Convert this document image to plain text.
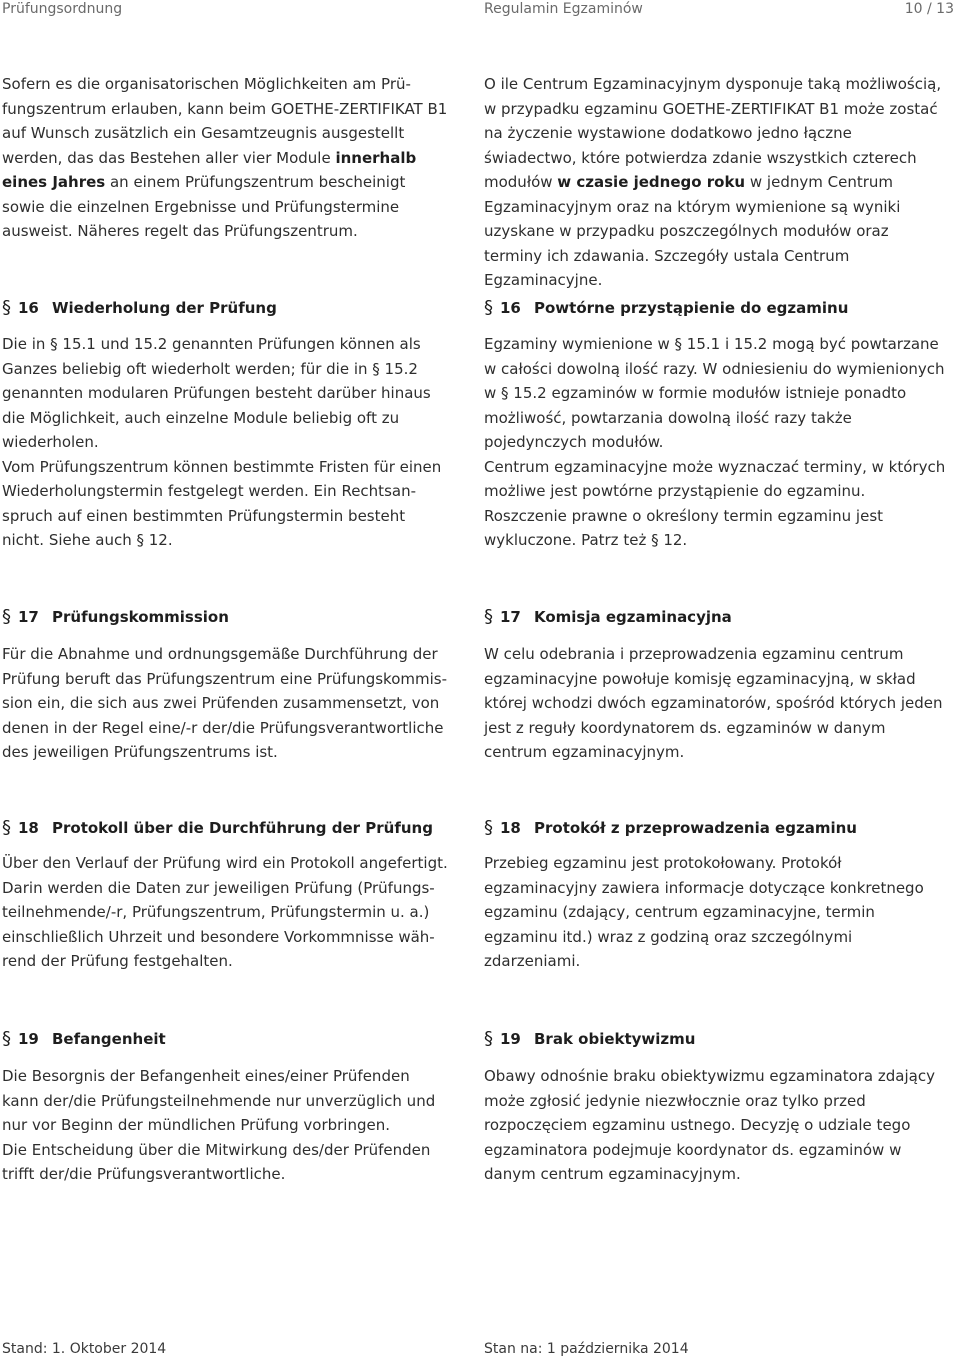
Prüfungsordnung	Regulamin Egzaminów	10 / 13

Sofern es die organisatorischen Möglichkeiten am Prü-fungszentrum erlauben, kann beim GOETHE-ZERTIFIKAT B1 auf Wunsch zusätzlich ein Gesamtzeugnis ausgestellt werden, das das Bestehen aller vier Module innerhalb eines Jahres an einem Prüfungszentrum bescheinigt sowie die einzelnen Ergebnisse und Prüfungstermine ausweist. Näheres regelt das Prüfungszentrum.

O ile Centrum Egzaminacyjnym dysponuje taką możliwością, w przypadku egzaminu GOETHE-ZERTIFIKAT B1 może zostać na życzenie wystawione dodatkowo jedno łączne świadectwo, które potwierdza zdanie wszystkich czterech modułów w czasie jednego roku w jednym Centrum Egzaminacyjnym oraz na którym wymienione są wyniki uzyskane w przypadku poszczególnych modułów oraz terminy ich zdawania. Szczegóły ustala Centrum Egzaminacyjne.

§ 16 Wiederholung der Prüfung	§ 16 Powtórne przystąpienie do egzaminu

Die in § 15.1 und 15.2 genannten Prüfungen können als Ganzes beliebig oft wiederholt werden; für die in § 15.2 genannten modularen Prüfungen besteht darüber hinaus die Möglichkeit, auch einzelne Module beliebig oft zu wiederholen.

Vom Prüfungszentrum können bestimmte Fristen für einen Wiederholungstermin festgelegt werden. Ein Rechtsan-spruch auf einen bestimmten Prüfungstermin besteht nicht. Siehe auch § 12.

Egzaminy wymienione w § 15.1 i 15.2 mogą być powtarzane w całości dowolną ilość razy. W odniesieniu do wymienionych w § 15.2 egzaminów w formie modułów istnieje ponadto możliwość, powtarzania dowolną ilość razy także pojedynczych modułów.

Centrum egzaminacyjne może wyznaczać terminy, w których możliwe jest powtórne przystąpienie do egzaminu. Roszczenie prawne o określony termin egzaminu jest wykluczone. Patrz też § 12.

§ 17 Prüfungskommission	§ 17 Komisja egzaminacyjna

Für die Abnahme und ordnungsgemäße Durchführung der Prüfung beruft das Prüfungszentrum eine Prüfungskommis-sion ein, die sich aus zwei Prüfenden zusammensetzt, von denen in der Regel eine/-r der/die Prüfungsverantwortliche des jeweiligen Prüfungszentrums ist.

W celu odebrania i przeprowadzenia egzaminu centrum egzaminacyjne powołuje komisję egzaminacyjną, w skład której wchodzi dwóch egzaminatorów, spośród których jeden jest z reguły koordynatorem ds. egzaminów w danym centrum egzaminacyjnym.

§ 18 Protokoll über die Durchführung der Prüfung	§ 18 Protokół z przeprowadzenia egzaminu

Über den Verlauf der Prüfung wird ein Protokoll angefertigt. Darin werden die Daten zur jeweiligen Prüfung (Prüfungs-teilnehmende/-r, Prüfungszentrum, Prüfungstermin u. a.) einschließlich Uhrzeit und besondere Vorkommnisse wäh-rend der Prüfung festgehalten.

Przebieg egzaminu jest protokołowany. Protokół egzaminacyjny zawiera informacje dotyczące konkretnego egzaminu (zdający, centrum egzaminacyjne, termin egzaminu itd.) wraz z godziną oraz szczególnymi zdarzeniami.

§ 19 Befangenheit	§ 19 Brak obiektywizmu

Die Besorgnis der Befangenheit eines/einer Prüfenden kann der/die Prüfungsteilnehmende nur unverzüglich und nur vor Beginn der mündlichen Prüfung vorbringen.

Die Entscheidung über die Mitwirkung des/der Prüfenden trifft der/die Prüfungsverantwortliche.

Obawy odnośnie braku obiektywizmu egzaminatora zdający może zgłosić jedynie niezwłocznie oraz tylko przed rozpoczęciem egzaminu ustnego. Decyzję o udziale tego egzaminatora podejmuje koordynator ds. egzaminów w danym centrum egzaminacyjnym.

Stand: 1. Oktober 2014	Stan na: 1 października 2014
